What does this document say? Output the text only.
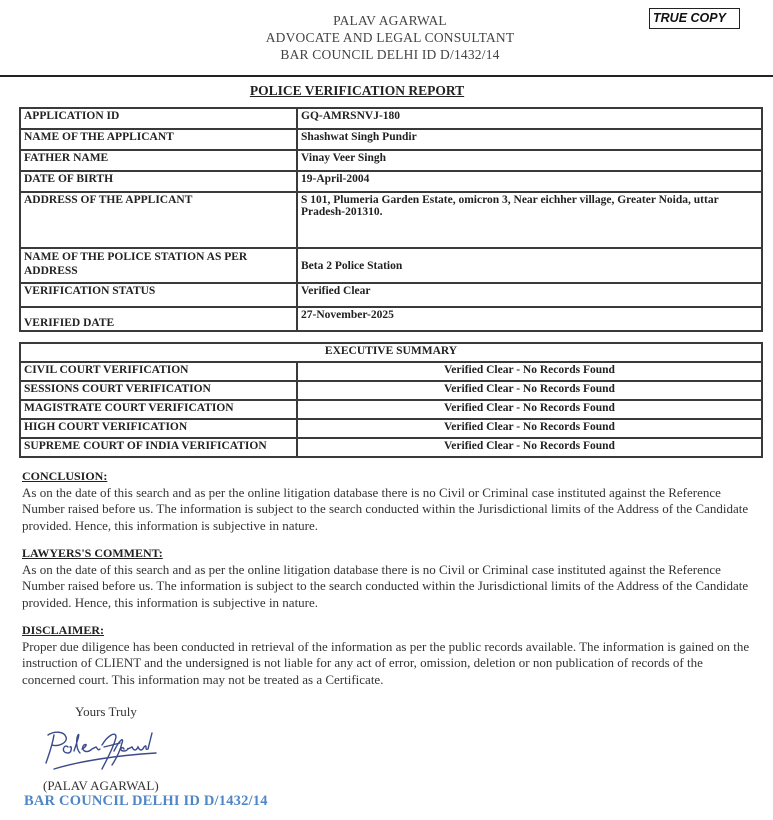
PALAV AGARWAL
ADVOCATE AND LEGAL CONSULTANT
BAR COUNCIL DELHI ID D/1432/14
TRUE COPY
POLICE VERIFICATION REPORT
APPLICATION ID	GQ-AMRSNVJ-180
NAME OF THE APPLICANT	Shashwat Singh Pundir
FATHER NAME	Vinay Veer Singh
DATE OF BIRTH	19-April-2004
ADDRESS OF THE APPLICANT	S 101, Plumeria Garden Estate, omicron 3, Near eichher village, Greater Noida, uttar Pradesh-201310.
NAME OF THE POLICE STATION AS PER ADDRESS	Beta 2 Police Station
VERIFICATION STATUS	Verified Clear
VERIFIED DATE	27-November-2025
EXECUTIVE SUMMARY	
CIVIL COURT VERIFICATION	Verified Clear - No Records Found
SESSIONS COURT VERIFICATION	Verified Clear - No Records Found
MAGISTRATE COURT VERIFICATION	Verified Clear - No Records Found
HIGH COURT VERIFICATION	Verified Clear - No Records Found
SUPREME COURT OF INDIA VERIFICATION	Verified Clear - No Records Found
CONCLUSION:
As on the date of this search and as per the online litigation database there is no Civil or Criminal case instituted against the Reference Number raised before us. The information is subject to the search conducted within the Jurisdictional limits of the Address of the Candidate provided. Hence, this information is subjective in nature.
LAWYERS'S COMMENT:
As on the date of this search and as per the online litigation database there is no Civil or Criminal case instituted against the Reference Number raised before us. The information is subject to the search conducted within the Jurisdictional limits of the Address of the Candidate provided. Hence, this information is subjective in nature.
DISCLAIMER:
Proper due diligence has been conducted in retrieval of the information as per the public records available. The information is gained on the instruction of CLIENT and the undersigned is not liable for any act of error, omission, deletion or non publication of records of the concerned court. This information may not be treated as a Certificate.
Yours Truly
(PALAV AGARWAL)
BAR COUNCIL DELHI ID D/1432/14
